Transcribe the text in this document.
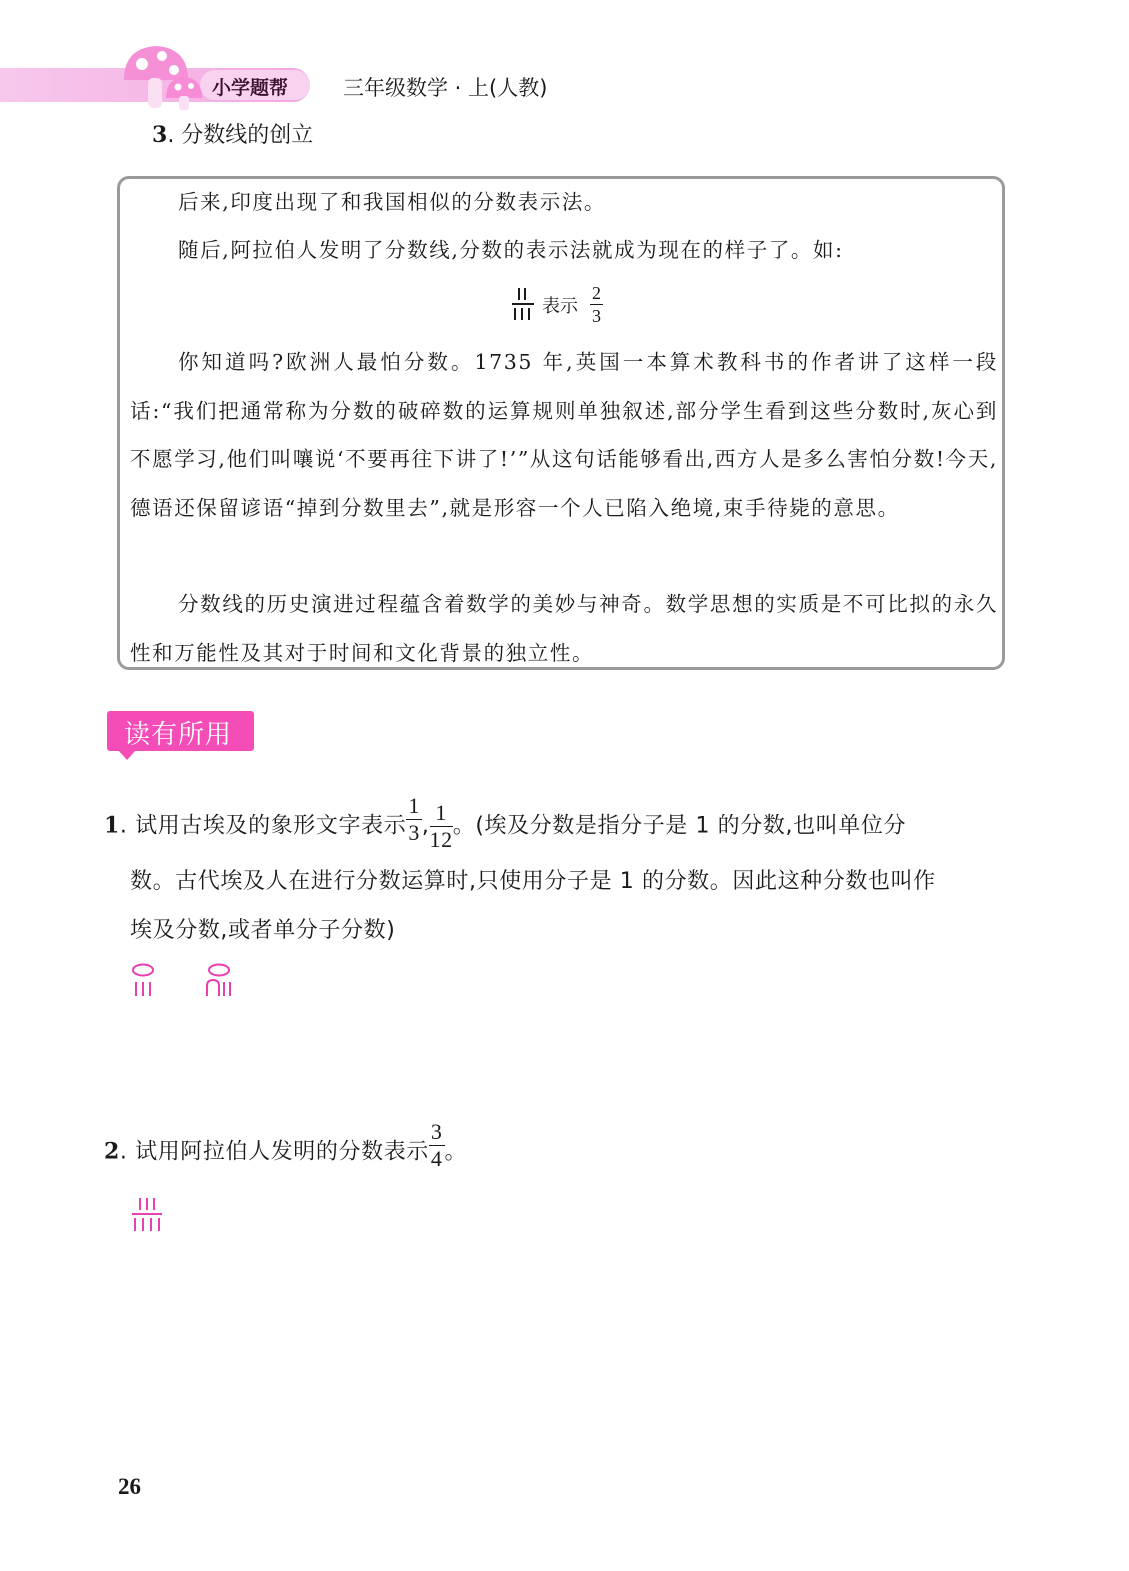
小学题帮	三年级数学 · 上(人教)
3. 分数线的创立
后来,印度出现了和我国相似的分数表示法。
随后,阿拉伯人发明了分数线,分数的表示法就成为现在的样子了。如:
表示 $\frac{2}{3}$
你知道吗?欧洲人最怕分数。1735 年,英国一本算术教科书的作者讲了这样一段话:“我们把通常称为分数的破碎数的运算规则单独叙述,部分学生看到这些分数时,灰心到不愿学习,他们叫嚷说‘不要再往下讲了!’”从这句话能够看出,西方人是多么害怕分数!今天,德语还保留谚语“掉到分数里去”,就是形容一个人已陷入绝境,束手待毙的意思。
分数线的历史演进过程蕴含着数学的美妙与神奇。数学思想的实质是不可比拟的永久性和万能性及其对于时间和文化背景的独立性。
读有所用
1. 试用古埃及的象形文字表示 $\frac{1}{3}$ , $\frac{1}{12}$ 。(埃及分数是指分子是 1 的分数,也叫单位分
数。古代埃及人在进行分数运算时,只使用分子是 1 的分数。因此这种分数也叫作
埃及分数,或者单分子分数)
2. 试用阿拉伯人发明的分数表示 $\frac{3}{4}$ 。
26
